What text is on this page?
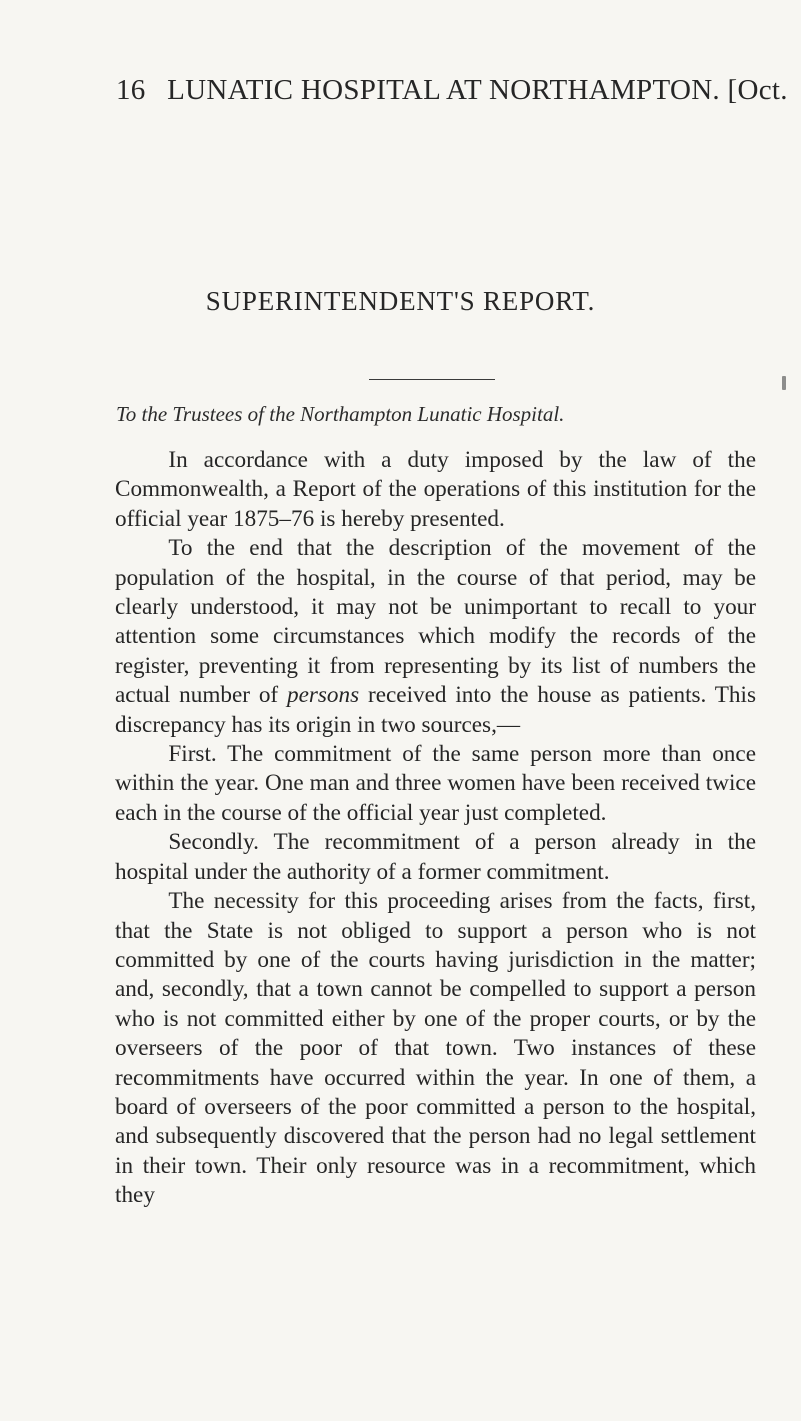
16 LUNATIC HOSPITAL AT NORTHAMPTON. [Oct.
SUPERINTENDENT'S REPORT.
To the Trustees of the Northampton Lunatic Hospital.

In accordance with a duty imposed by the law of the Commonwealth, a Report of the operations of this institution for the official year 1875–76 is hereby presented.

To the end that the description of the movement of the population of the hospital, in the course of that period, may be clearly understood, it may not be unimportant to recall to your attention some circumstances which modify the records of the register, preventing it from representing by its list of numbers the actual number of persons received into the house as patients. This discrepancy has its origin in two sources,—

First. The commitment of the same person more than once within the year. One man and three women have been received twice each in the course of the official year just completed.

Secondly. The recommitment of a person already in the hospital under the authority of a former commitment.

The necessity for this proceeding arises from the facts, first, that the State is not obliged to support a person who is not committed by one of the courts having jurisdiction in the matter; and, secondly, that a town cannot be compelled to support a person who is not committed either by one of the proper courts, or by the overseers of the poor of that town. Two instances of these recommitments have occurred within the year. In one of them, a board of overseers of the poor committed a person to the hospital, and subsequently discovered that the person had no legal settlement in their town. Their only resource was in a recommitment, which they
